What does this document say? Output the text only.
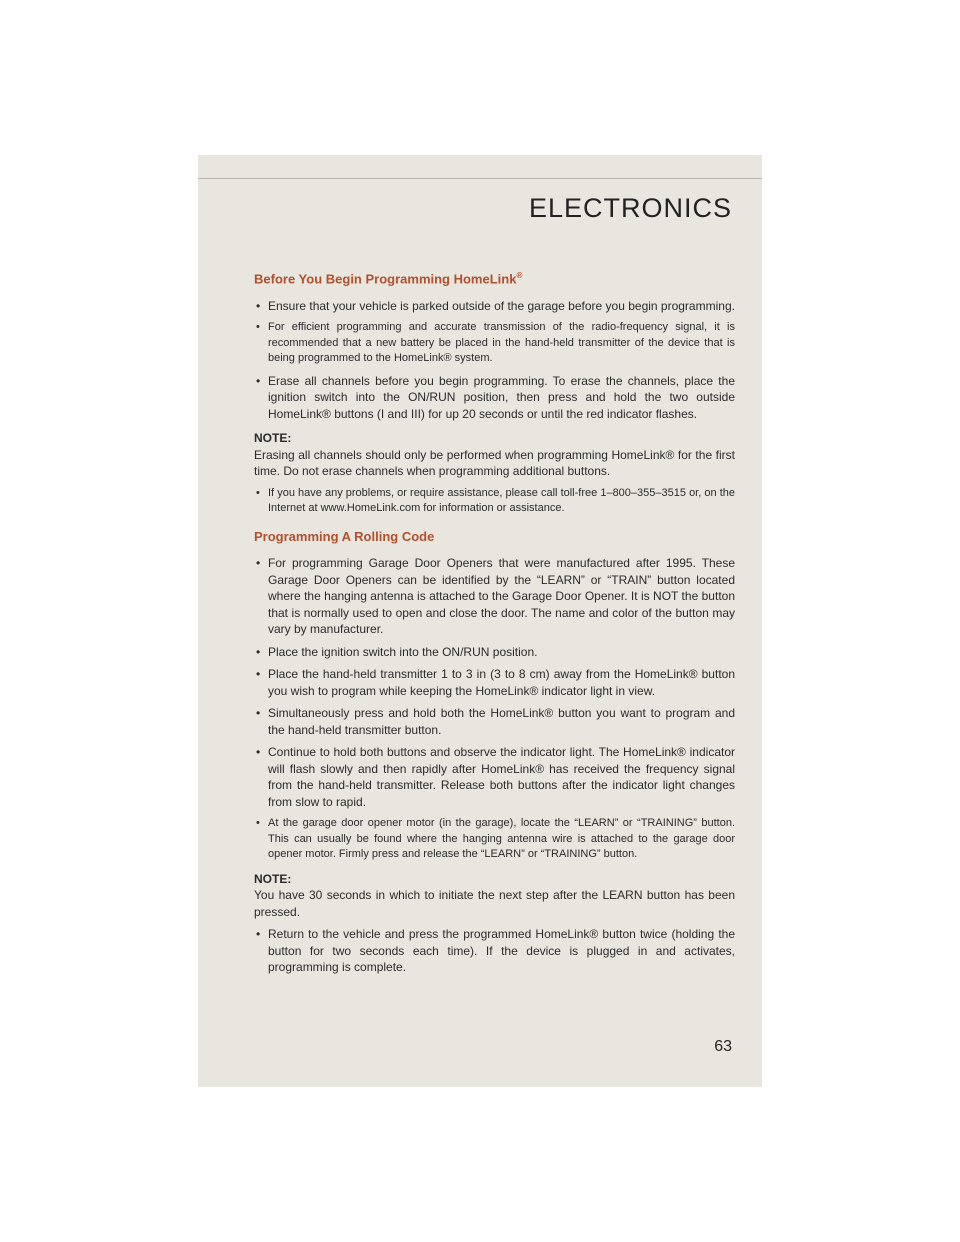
ELECTRONICS
Before You Begin Programming HomeLink®
• Ensure that your vehicle is parked outside of the garage before you begin programming.
• For efficient programming and accurate transmission of the radio-frequency signal, it is recommended that a new battery be placed in the hand-held transmitter of the device that is being programmed to the HomeLink® system.
• Erase all channels before you begin programming. To erase the channels, place the ignition switch into the ON/RUN position, then press and hold the two outside HomeLink® buttons (I and III) for up 20 seconds or until the red indicator flashes.
NOTE:
Erasing all channels should only be performed when programming HomeLink® for the first time. Do not erase channels when programming additional buttons.
• If you have any problems, or require assistance, please call toll-free 1–800–355–3515 or, on the Internet at www.HomeLink.com for information or assistance.
Programming A Rolling Code
• For programming Garage Door Openers that were manufactured after 1995. These Garage Door Openers can be identified by the “LEARN” or “TRAIN” button located where the hanging antenna is attached to the Garage Door Opener. It is NOT the button that is normally used to open and close the door. The name and color of the button may vary by manufacturer.
• Place the ignition switch into the ON/RUN position.
• Place the hand-held transmitter 1 to 3 in (3 to 8 cm) away from the HomeLink® button you wish to program while keeping the HomeLink® indicator light in view.
• Simultaneously press and hold both the HomeLink® button you want to program and the hand-held transmitter button.
• Continue to hold both buttons and observe the indicator light. The HomeLink® indicator will flash slowly and then rapidly after HomeLink® has received the frequency signal from the hand-held transmitter. Release both buttons after the indicator light changes from slow to rapid.
• At the garage door opener motor (in the garage), locate the “LEARN” or “TRAINING” button. This can usually be found where the hanging antenna wire is attached to the garage door opener motor. Firmly press and release the “LEARN” or “TRAINING” button.
NOTE:
You have 30 seconds in which to initiate the next step after the LEARN button has been pressed.
• Return to the vehicle and press the programmed HomeLink® button twice (holding the button for two seconds each time). If the device is plugged in and activates, programming is complete.
63
